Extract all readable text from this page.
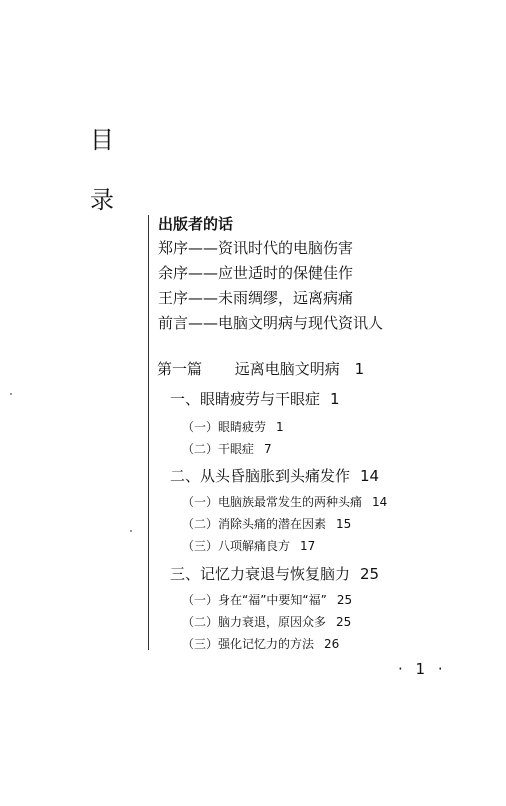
目
录
出版者的话
郑序——资讯时代的电脑伤害
余序——应世适时的保健佳作
王序——未雨绸缪，远离病痛
前言——电脑文明病与现代资讯人
第一篇 远离电脑文明病 1
一、眼睛疲劳与干眼症 1
（一）眼睛疲劳 1
（二）干眼症 7
二、从头昏脑胀到头痛发作 14
（一）电脑族最常发生的两种头痛 14
（二）消除头痛的潜在因素 15
（三）八项解痛良方 17
三、记忆力衰退与恢复脑力 25
（一）身在“福”中要知“福” 25
（二）脑力衰退，原因众多 25
（三）强化记忆力的方法 26
· 1 ·
